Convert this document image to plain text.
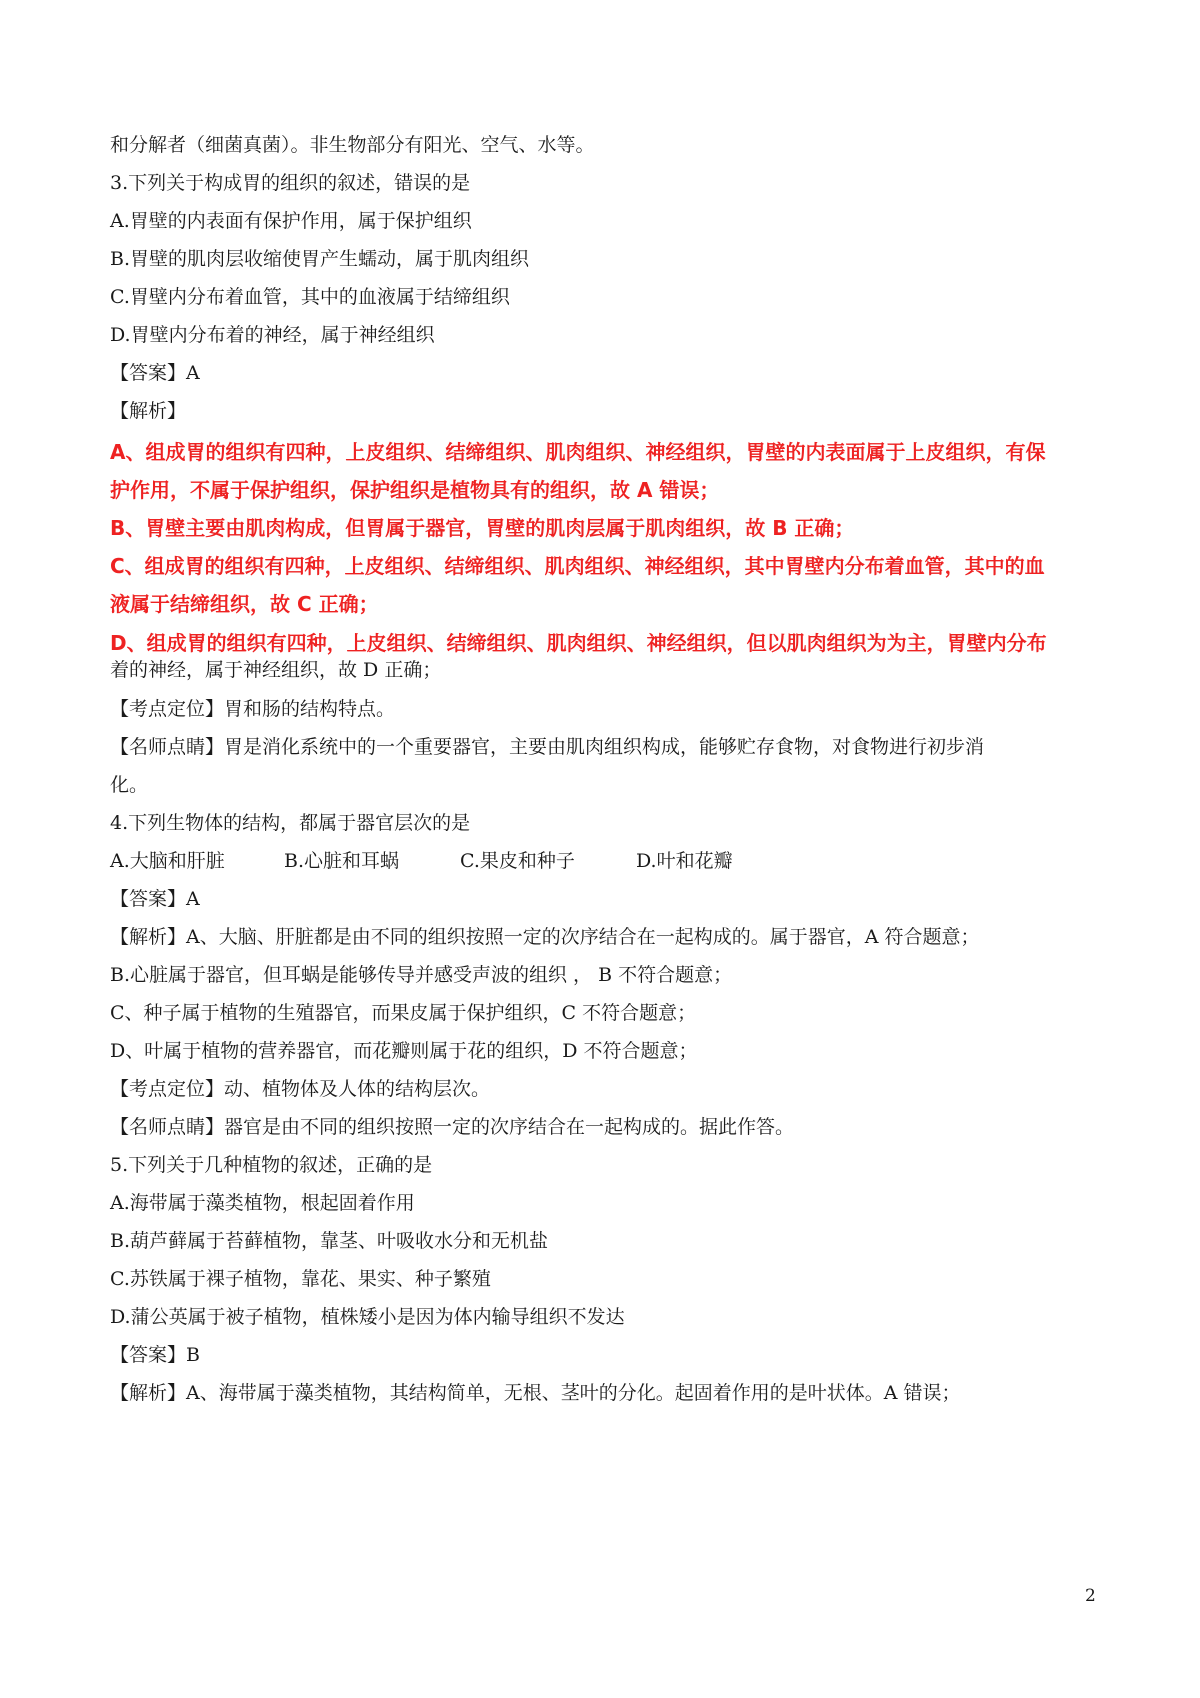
和分解者（细菌真菌）。非生物部分有阳光、空气、水等。
3.下列关于构成胃的组织的叙述，错误的是
A.胃壁的内表面有保护作用，属于保护组织
B.胃壁的肌肉层收缩使胃产生蠕动，属于肌肉组织
C.胃壁内分布着血管，其中的血液属于结缔组织
D.胃壁内分布着的神经，属于神经组织
【答案】A
【解析】
A、组成胃的组织有四种，上皮组织、结缔组织、肌肉组织、神经组织，胃壁的内表面属于上皮组织，有保
护作用，不属于保护组织，保护组织是植物具有的组织，故 A 错误；
B、胃壁主要由肌肉构成，但胃属于器官，胃壁的肌肉层属于肌肉组织，故 B 正确；
C、组成胃的组织有四种，上皮组织、结缔组织、肌肉组织、神经组织，其中胃壁内分布着血管，其中的血
液属于结缔组织，故 C 正确；
D、组成胃的组织有四种，上皮组织、结缔组织、肌肉组织、神经组织，但以肌肉组织为为主，胃壁内分布
着的神经，属于神经组织，故 D 正确；
【考点定位】胃和肠的结构特点。
【名师点睛】胃是消化系统中的一个重要器官，主要由肌肉组织构成，能够贮存食物，对食物进行初步消
化。
4.下列生物体的结构，都属于器官层次的是
A.大脑和肝脏	B.心脏和耳蜗	C.果皮和种子	D.叶和花瓣
【答案】A
【解析】A、大脑、肝脏都是由不同的组织按照一定的次序结合在一起构成的。属于器官，A 符合题意；
B.心脏属于器官，但耳蜗是能够传导并感受声波的组织 ， B 不符合题意；
C、种子属于植物的生殖器官，而果皮属于保护组织，C 不符合题意；
D、叶属于植物的营养器官，而花瓣则属于花的组织，D 不符合题意；
【考点定位】动、植物体及人体的结构层次。
【名师点睛】器官是由不同的组织按照一定的次序结合在一起构成的。据此作答。
5.下列关于几种植物的叙述，正确的是
A.海带属于藻类植物，根起固着作用
B.葫芦藓属于苔藓植物，靠茎、叶吸收水分和无机盐
C.苏铁属于裸子植物，靠花、果实、种子繁殖
D.蒲公英属于被子植物，植株矮小是因为体内输导组织不发达
【答案】B
【解析】A、海带属于藻类植物，其结构简单，无根、茎叶的分化。起固着作用的是叶状体。A 错误；
2
